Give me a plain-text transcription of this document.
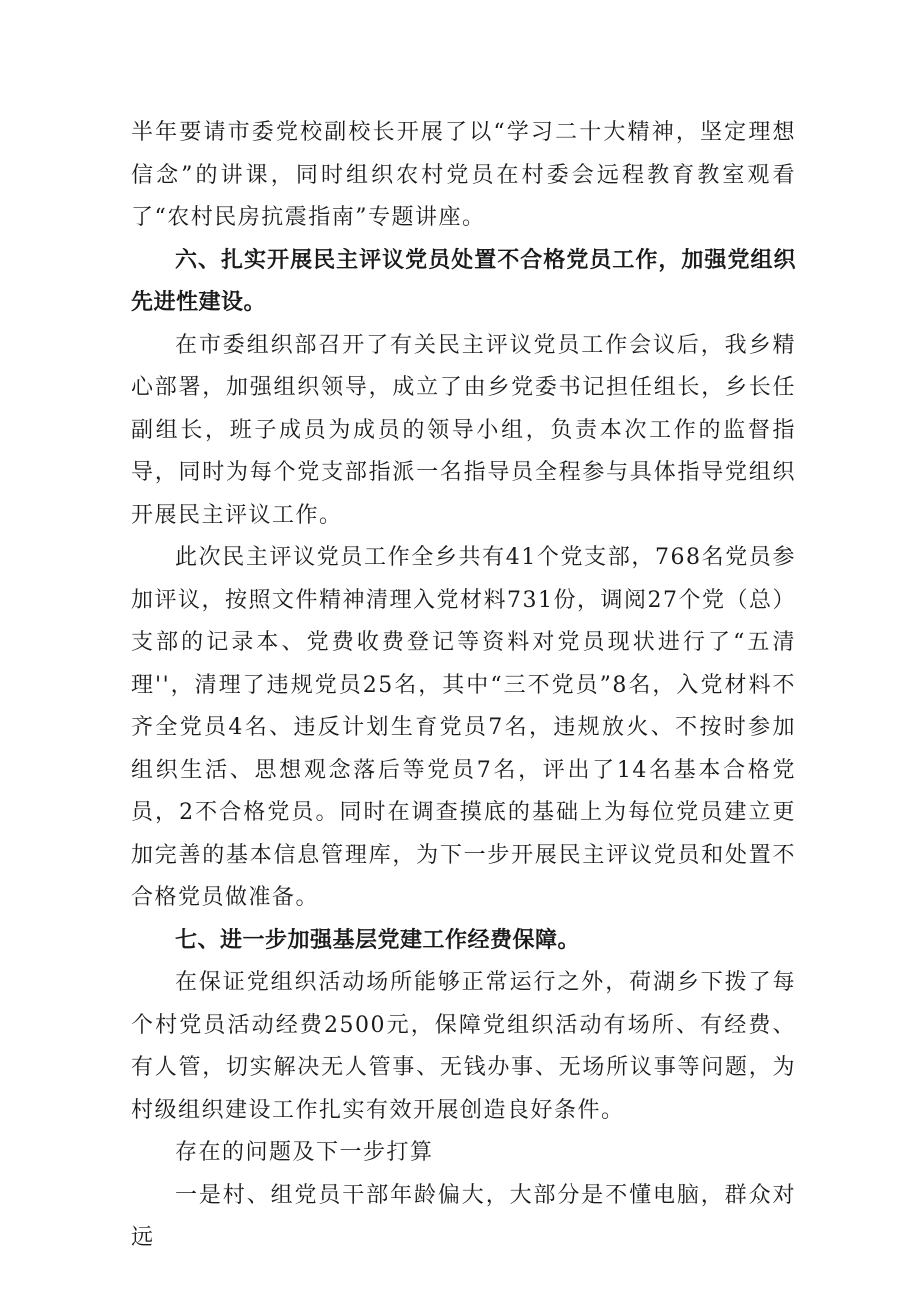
半年要请市委党校副校长开展了以“学习二十大精神，坚定理想信念”的讲课，同时组织农村党员在村委会远程教育教室观看了“农村民房抗震指南”专题讲座。

六、扎实开展民主评议党员处置不合格党员工作，加强党组织先进性建设。

在市委组织部召开了有关民主评议党员工作会议后，我乡精心部署，加强组织领导，成立了由乡党委书记担任组长，乡长任副组长，班子成员为成员的领导小组，负责本次工作的监督指导，同时为每个党支部指派一名指导员全程参与具体指导党组织开展民主评议工作。

此次民主评议党员工作全乡共有41个党支部，768名党员参加评议，按照文件精神清理入党材料731份，调阅27个党（总）支部的记录本、党费收费登记等资料对党员现状进行了“五清理''，清理了违规党员25名，其中“三不党员”8名，入党材料不齐全党员4名、违反计划生育党员7名，违规放火、不按时参加组织生活、思想观念落后等党员7名，评出了14名基本合格党员，2不合格党员。同时在调查摸底的基础上为每位党员建立更加完善的基本信息管理库，为下一步开展民主评议党员和处置不合格党员做准备。

七、进一步加强基层党建工作经费保障。

在保证党组织活动场所能够正常运行之外，荷湖乡下拨了每个村党员活动经费2500元，保障党组织活动有场所、有经费、有人管，切实解决无人管事、无钱办事、无场所议事等问题，为村级组织建设工作扎实有效开展创造良好条件。

存在的问题及下一步打算

一是村、组党员干部年龄偏大，大部分是不懂电脑，群众对远
